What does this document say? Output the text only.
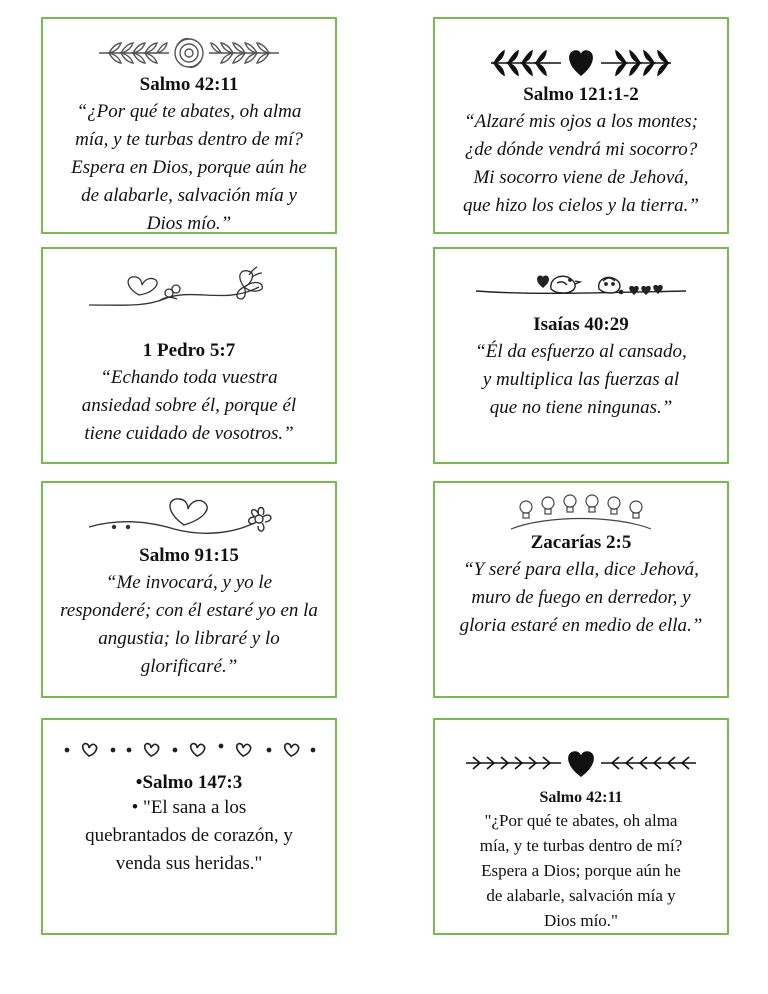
Salmo 42:11
“¿Por qué te abates, oh alma
mía, y te turbas dentro de mí?
Espera en Dios, porque aún he
de alabarle, salvación mía y
Dios mío.”
Salmo 121:1-2
“Alzaré mis ojos a los montes;
¿de dónde vendrá mi socorro?
Mi socorro viene de Jehová,
que hizo los cielos y la tierra.”
1 Pedro 5:7
“Echando toda vuestra
ansiedad sobre él, porque él
tiene cuidado de vosotros.”
Isaías 40:29
“Él da esfuerzo al cansado,
y multiplica las fuerzas al
que no tiene ningunas.”
Salmo 91:15
“Me invocará, y yo le
responderé; con él estaré yo en la
angustia; lo libraré y lo
glorificaré.”
Zacarías 2:5
“Y seré para ella, dice Jehová,
muro de fuego en derredor, y
gloria estaré en medio de ella.”
•Salmo 147:3
• "El sana a los
quebrantados de corazón, y
venda sus heridas."
Salmo 42:11
"¿Por qué te abates, oh alma
mía, y te turbas dentro de mí?
Espera a Dios; porque aún he
de alabarle, salvación mía y
Dios mío."
